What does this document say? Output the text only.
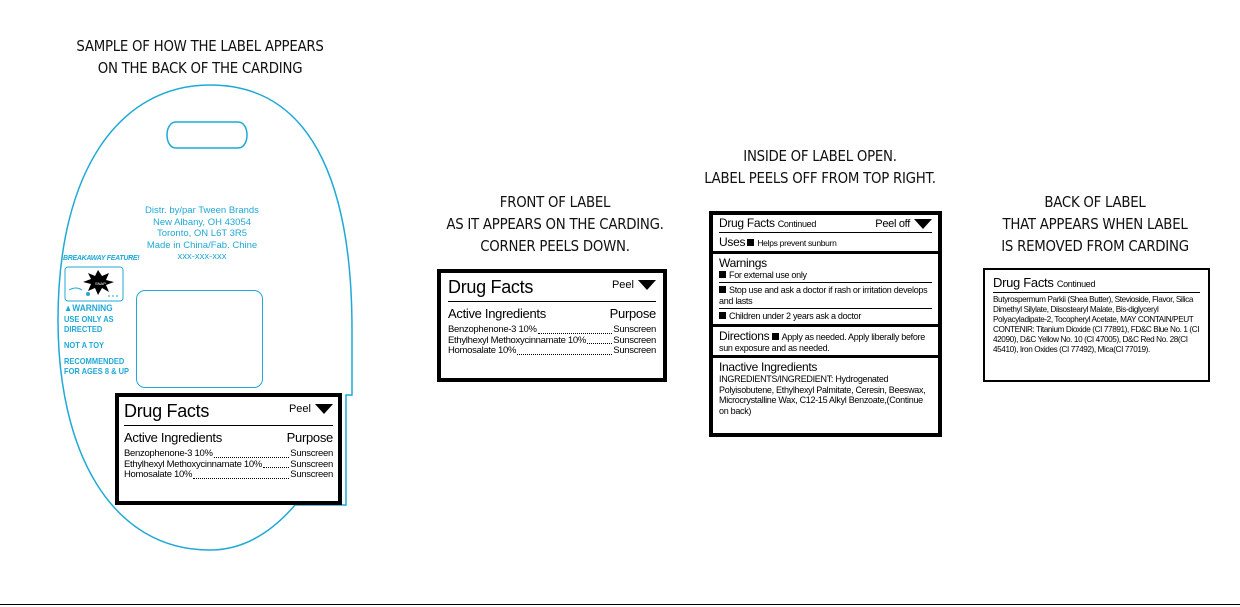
SAMPLE OF HOW THE LABEL APPEARS
ON THE BACK OF THE CARDING
FRONT OF LABEL
AS IT APPEARS ON THE CARDING.
CORNER PEELS DOWN.
INSIDE OF LABEL OPEN.
LABEL PEELS OFF FROM TOP RIGHT.
BACK OF LABEL
THAT APPEARS WHEN LABEL
IS REMOVED FROM CARDING
Distr. by/par Tween Brands
New Albany, OH 43054
Toronto, ON L6T 3R5
Made in China/Fab. Chine
xxx-xxx-xxx
BREAKAWAY FEATURE!
SNAP
▲WARNING
USE ONLY AS
DIRECTED
NOT A TOY
RECOMMENDED
FOR AGES 8 & UP
Drug Facts	Peel
Active Ingredients	Purpose
Benzophenone-3 10%	Sunscreen
Ethylhexyl Methoxycinnamate 10%	Sunscreen
Homosalate 10%	Sunscreen
Drug Facts	Peel
Active Ingredients	Purpose
Benzophenone-3 10%	Sunscreen
Ethylhexyl Methoxycinnamate 10%	Sunscreen
Homosalate 10%	Sunscreen
Drug Facts Continued	Peel off
Uses Helps prevent sunburn
Warnings
For external use only
Stop use and ask a doctor if rash or irritation develops and lasts
Children under 2 years ask a doctor
Directions Apply as needed. Apply liberally before sun exposure and as needed.
Inactive Ingredients
INGREDIENTS/INGREDIENT: Hydrogenated Polyisobutene, Ethylhexyl Palmitate, Ceresin, Beeswax, Microcrystalline Wax, C12-15 Alkyl Benzoate,(Continue on back)
Drug Facts Continued
Butyrospermum Parkii (Shea Butter), Stevioside, Flavor, Silica Dimethyl Silylate, Diisostearyl Malate, Bis-diglyceryl Polyacyladipate-2, Tocopheryl Acetate, MAY CONTAIN/PEUT CONTENIR: Titanium Dioxide (CI 77891), FD&C Blue No. 1 (CI 42090), D&C Yellow No. 10 (CI 47005), D&C Red No. 28(CI 45410), Iron Oxides (CI 77492), Mica(CI 77019).
